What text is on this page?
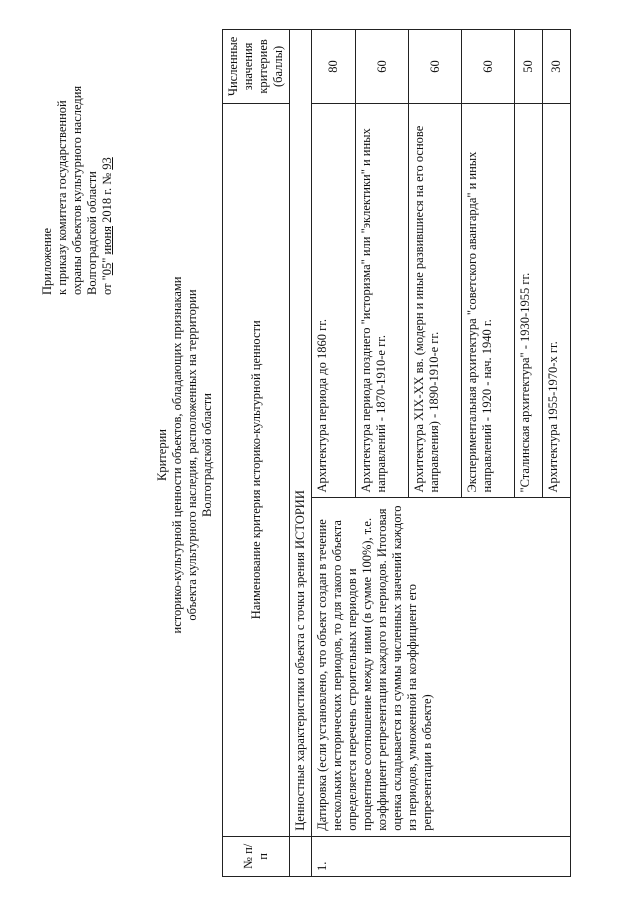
Приложение к приказу комитета государственной охраны объектов культурного наследия Волгоградской области от "05" июня 2018 г. № 93
Критерии историко-культурной ценности объектов, обладающих признаками объекта культурного наследия, расположенных на территории Волгоградской области
№ п/п	Наименование критерия историко-культурной ценности		Численные значения критериев (баллы)
	Ценностные характеристики объекта с точки зрения ИСТОРИИ		
1.	Датировка (если установлено, что объект создан в течение нескольких исторических периодов, то для такого объекта определяется перечень строительных периодов и процентное соотношение между ними (в сумме 100%), т.е. коэффициент репрезентации каждого из периодов. Итоговая оценка складывается из суммы численных значений каждого из периодов, умноженной на коэффициент его репрезентации в объекте)	Архитектура периода до 1860 гг.	80
		Архитектура периода позднего "историзма" или "эклектики" и иных направлений - 1870-1910-е гг.	60
		Архитектура XIX-XX вв. (модерн и иные развившиеся на его основе направления) - 1890-1910-е гг.	60
		Экспериментальная архитектура "советского авангарда" и иных направлений - 1920 - нач. 1940 г.	60
		"Сталинская архитектура" - 1930-1955 гг.	50
		Архитектура 1955-1970-х гг.	30
